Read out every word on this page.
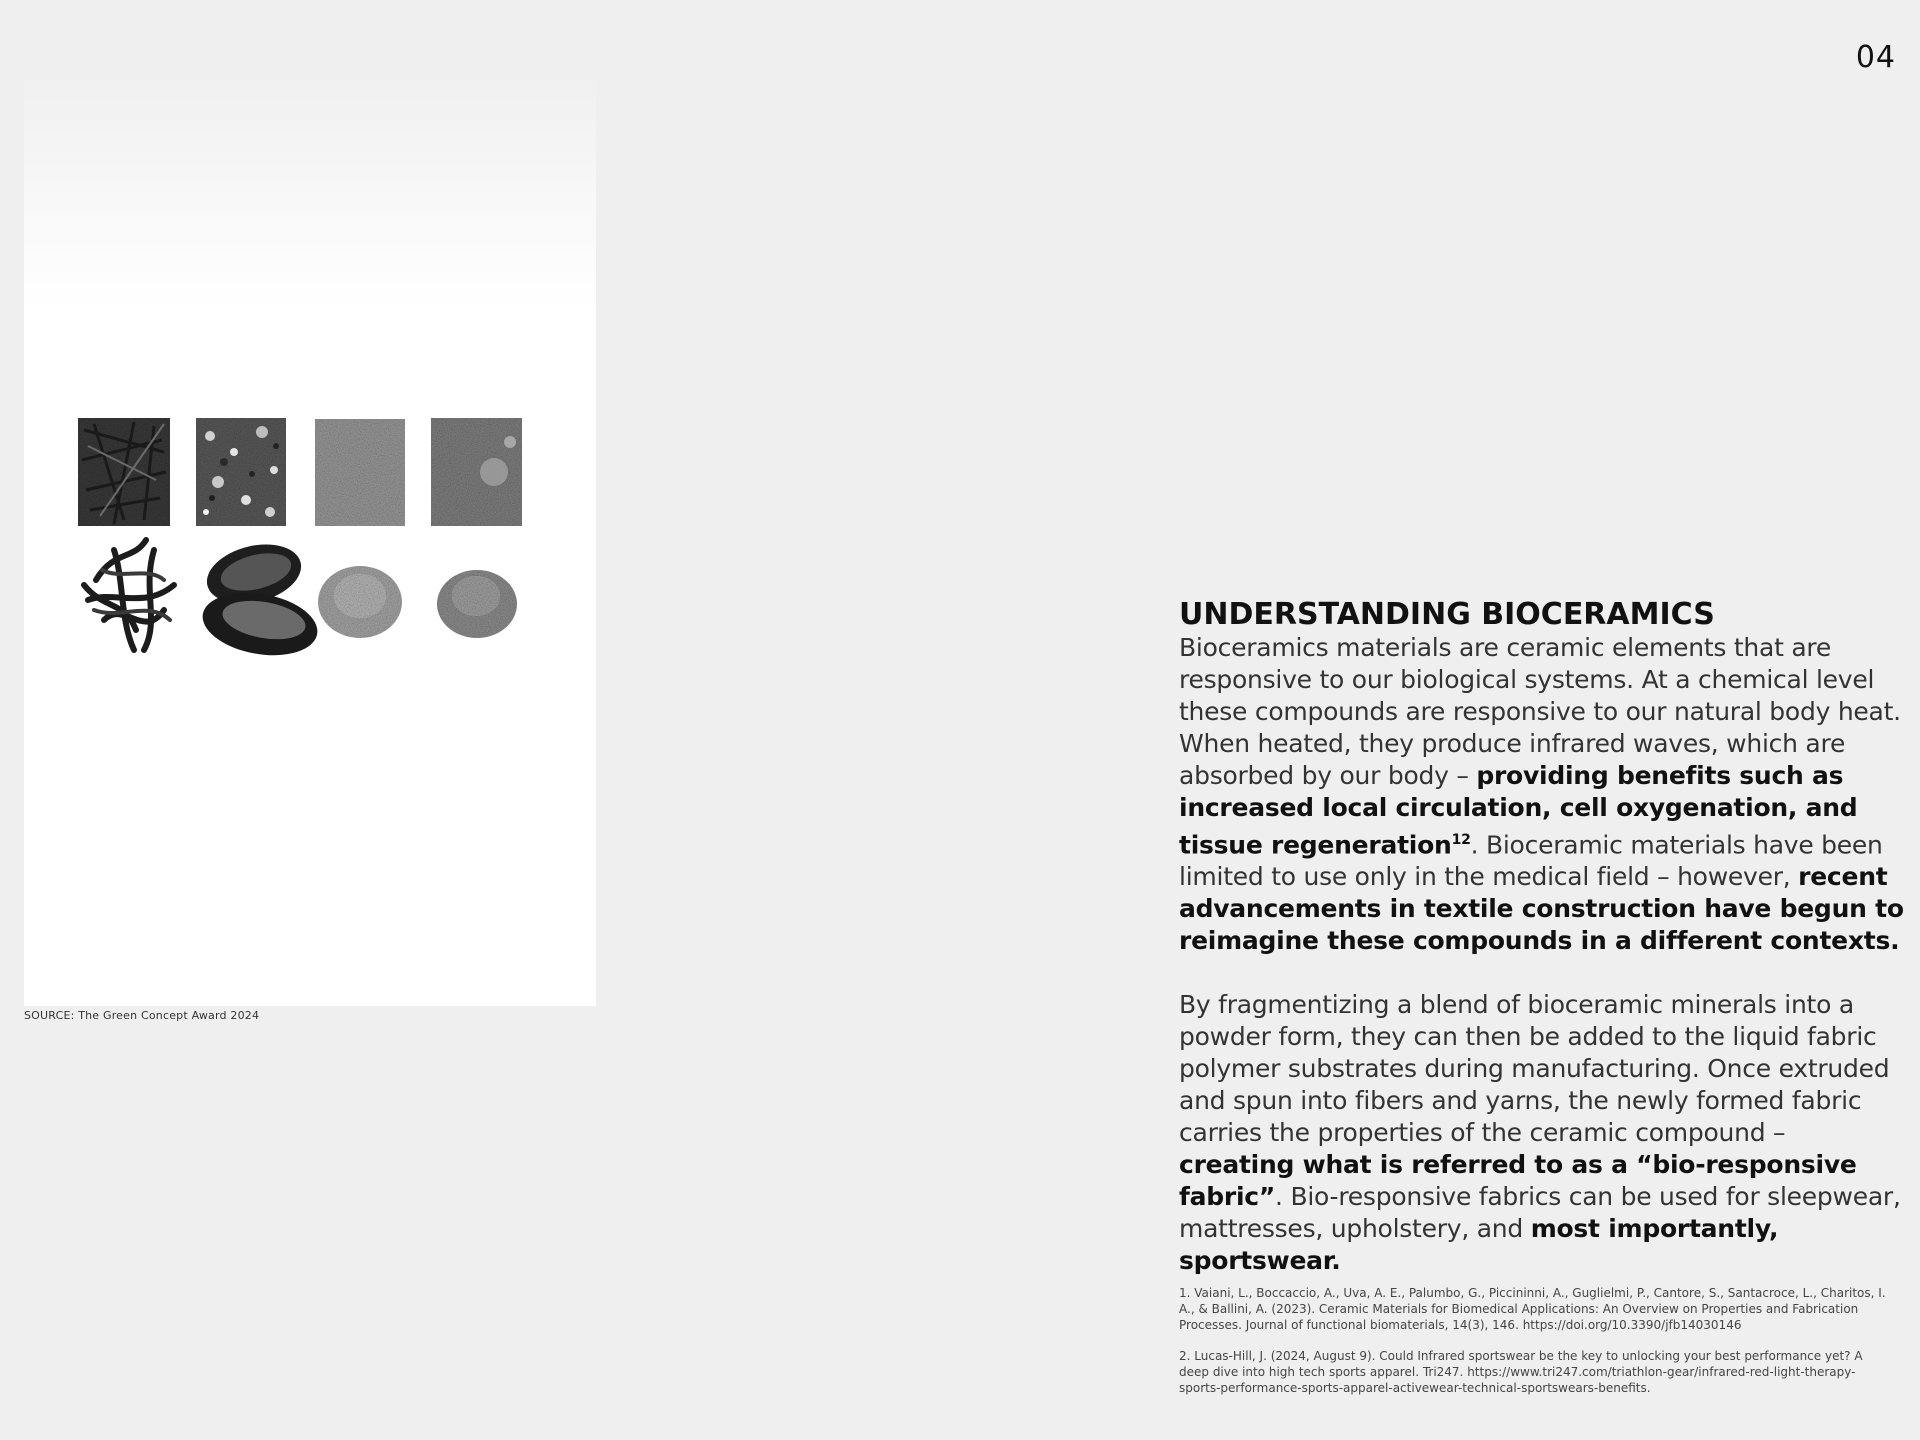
04
SOURCE: The Green Concept Award 2024
UNDERSTANDING BIOCERAMICS

Bioceramics materials are ceramic elements that are responsive to our biological systems. At a chemical level these compounds are responsive to our natural body heat. When heated, they produce infrared waves, which are absorbed by our body – providing benefits such as increased local circulation, cell oxygenation, and tissue regeneration$^{12}$. Bioceramic materials have been limited to use only in the medical field – however, recent advancements in textile construction have begun to reimagine these compounds in a different contexts.

By fragmentizing a blend of bioceramic minerals into a powder form, they can then be added to the liquid fabric polymer substrates during manufacturing. Once extruded and spun into fibers and yarns, the newly formed fabric carries the properties of the ceramic compound – creating what is referred to as a “bio-responsive fabric”. Bio-responsive fabrics can be used for sleepwear, mattresses, upholstery, and most importantly, sportswear.

1. Vaiani, L., Boccaccio, A., Uva, A. E., Palumbo, G., Piccininni, A., Guglielmi, P., Cantore, S., Santacroce, L., Charitos, I. A., & Ballini, A. (2023). Ceramic Materials for Biomedical Applications: An Overview on Properties and Fabrication Processes. Journal of functional biomaterials, 14(3), 146. https://doi.org/10.3390/jfb14030146

2. Lucas-Hill, J. (2024, August 9). Could Infrared sportswear be the key to unlocking your best performance yet? A deep dive into high tech sports apparel. Tri247. https://www.tri247.com/triathlon-gear/infrared-red-light-therapy-sports-performance-sports-apparel-activewear-technical-sportswears-benefits.
